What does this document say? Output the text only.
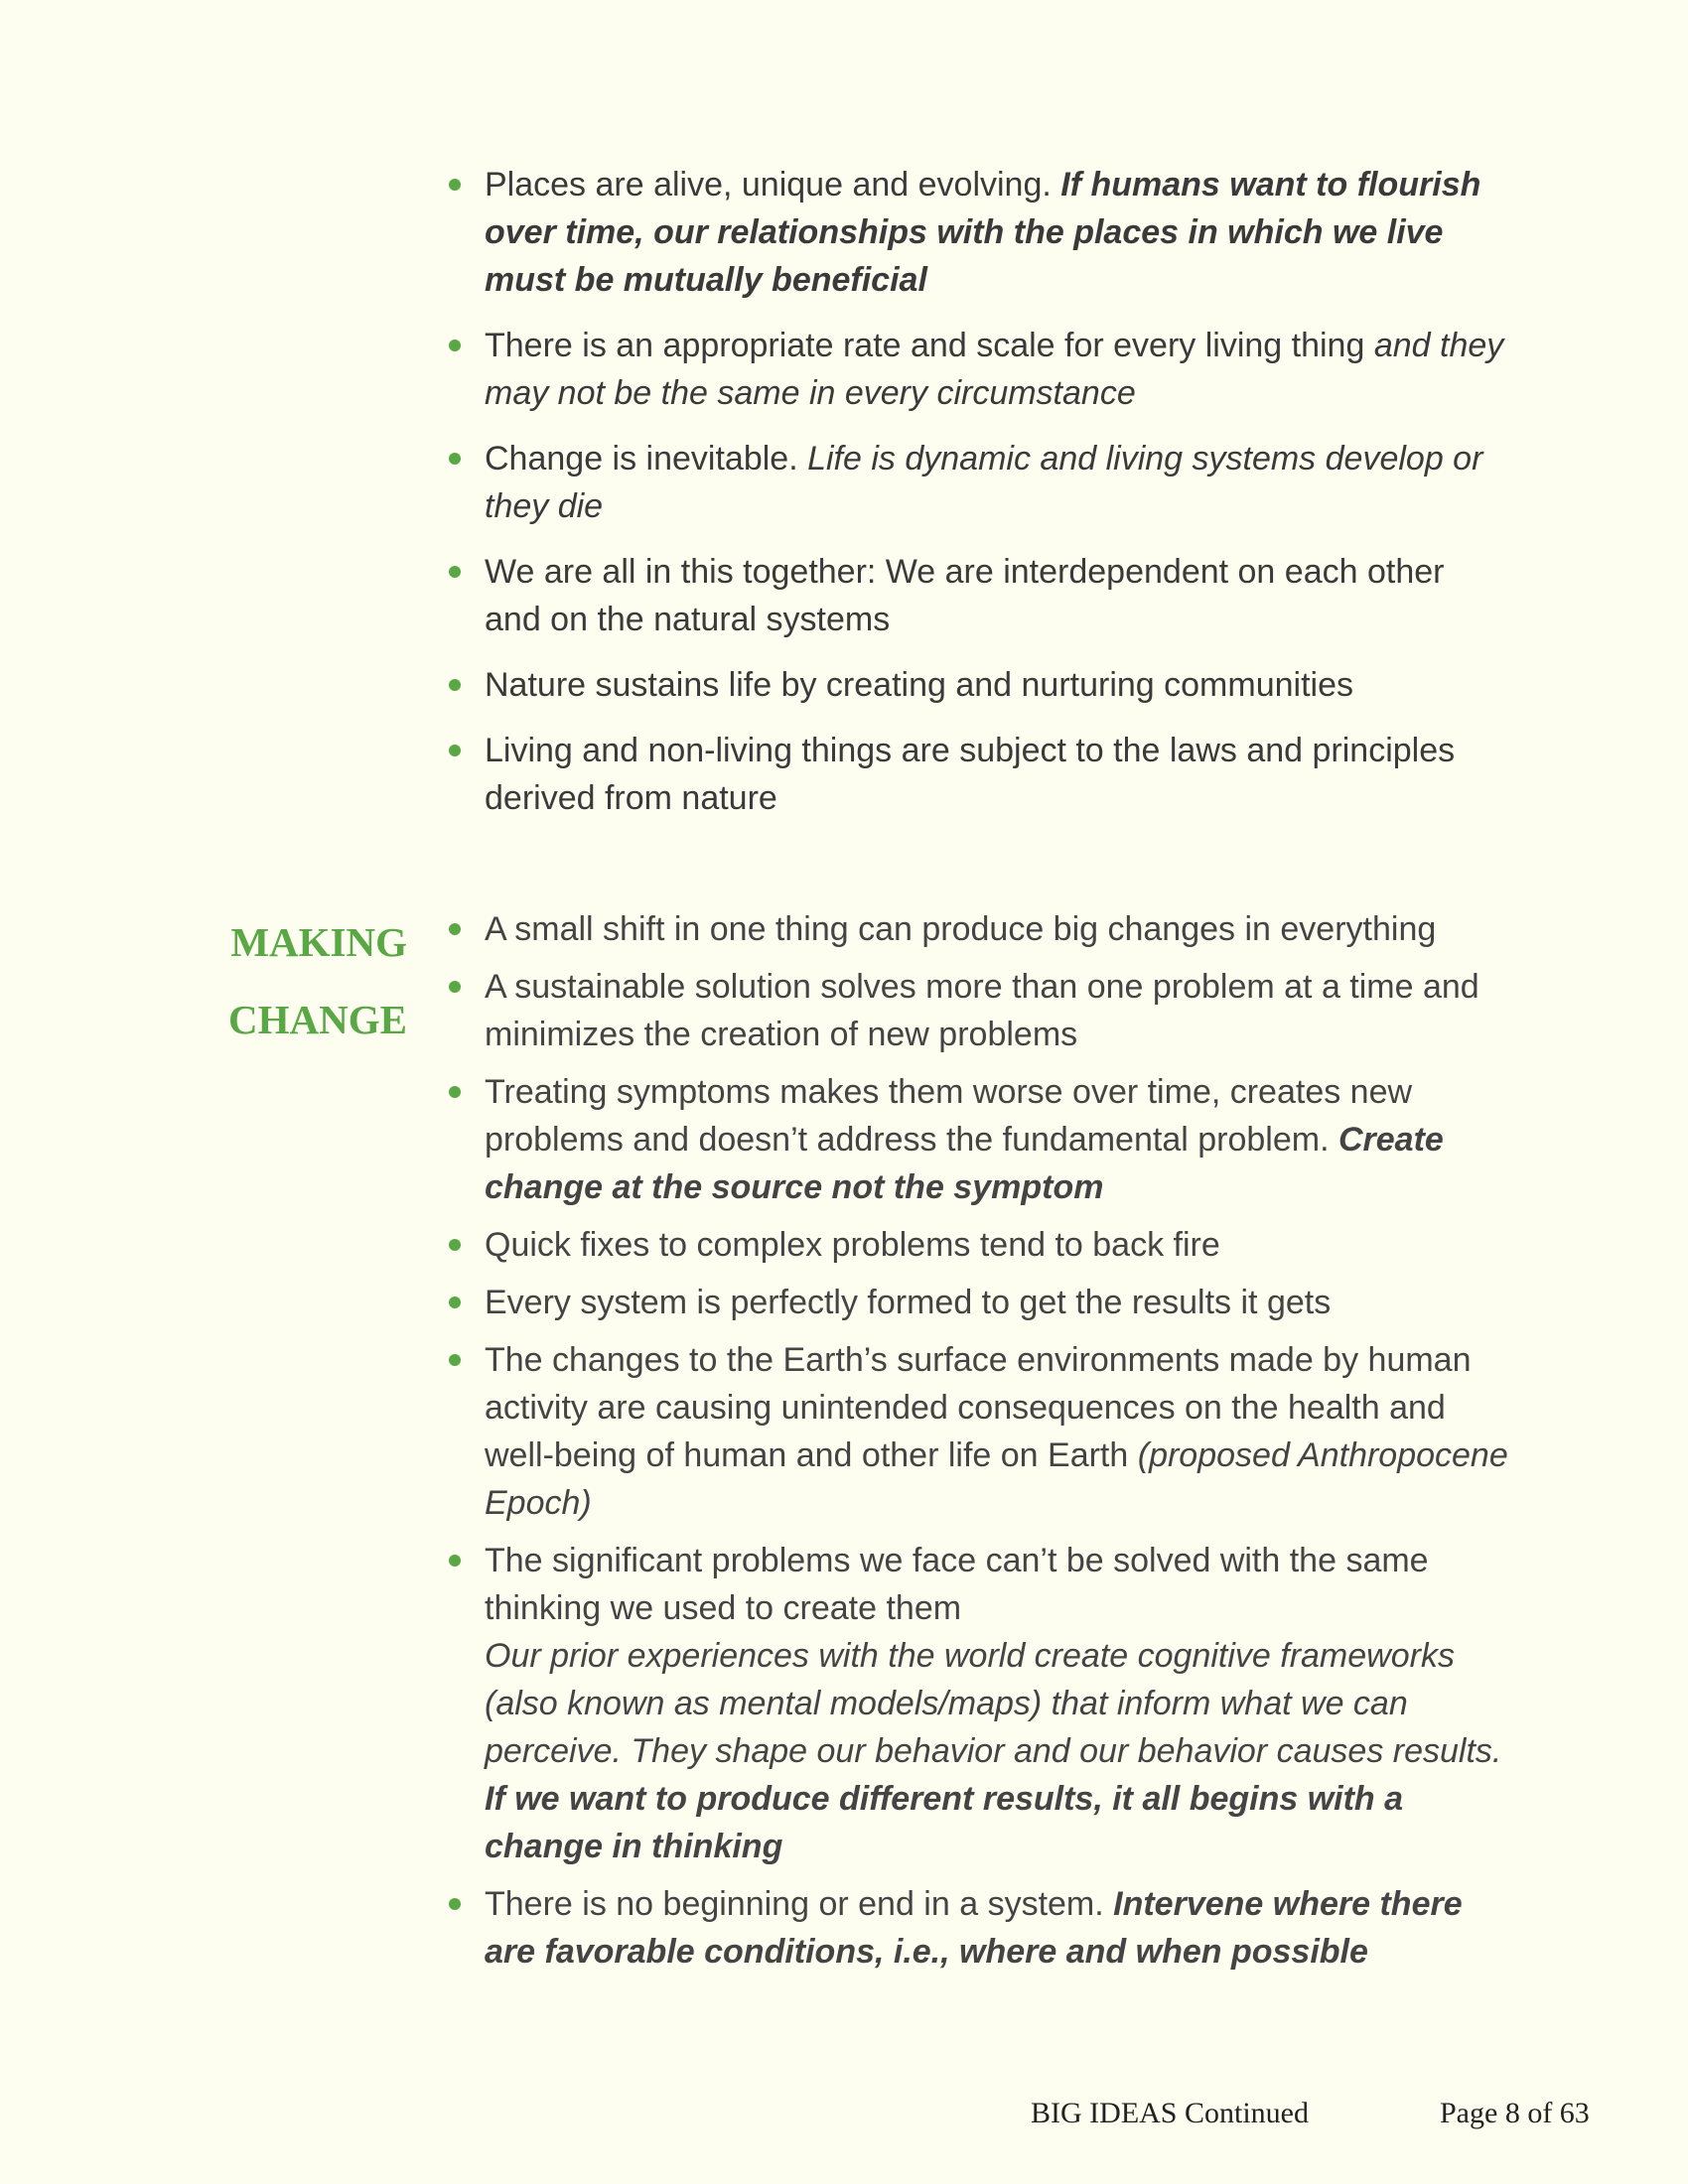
Places are alive, unique and evolving. If humans want to flourish over time, our relationships with the places in which we live must be mutually beneficial
There is an appropriate rate and scale for every living thing and they may not be the same in every circumstance
Change is inevitable. Life is dynamic and living systems develop or they die
We are all in this together: We are interdependent on each other and on the natural systems
Nature sustains life by creating and nurturing communities
Living and non-living things are subject to the laws and principles derived from nature
MAKING
CHANGE
A small shift in one thing can produce big changes in everything
A sustainable solution solves more than one problem at a time and minimizes the creation of new problems
Treating symptoms makes them worse over time, creates new problems and doesn’t address the fundamental problem. Create change at the source not the symptom
Quick fixes to complex problems tend to back fire
Every system is perfectly formed to get the results it gets
The changes to the Earth’s surface environments made by human activity are causing unintended consequences on the health and well-being of human and other life on Earth (proposed Anthropocene Epoch)
The significant problems we face can’t be solved with the same thinking we used to create them
Our prior experiences with the world create cognitive frameworks (also known as mental models/maps) that inform what we can perceive. They shape our behavior and our behavior causes results. If we want to produce different results, it all begins with a change in thinking
There is no beginning or end in a system. Intervene where there are favorable conditions, i.e., where and when possible
BIG IDEAS Continued	Page 8 of 63
